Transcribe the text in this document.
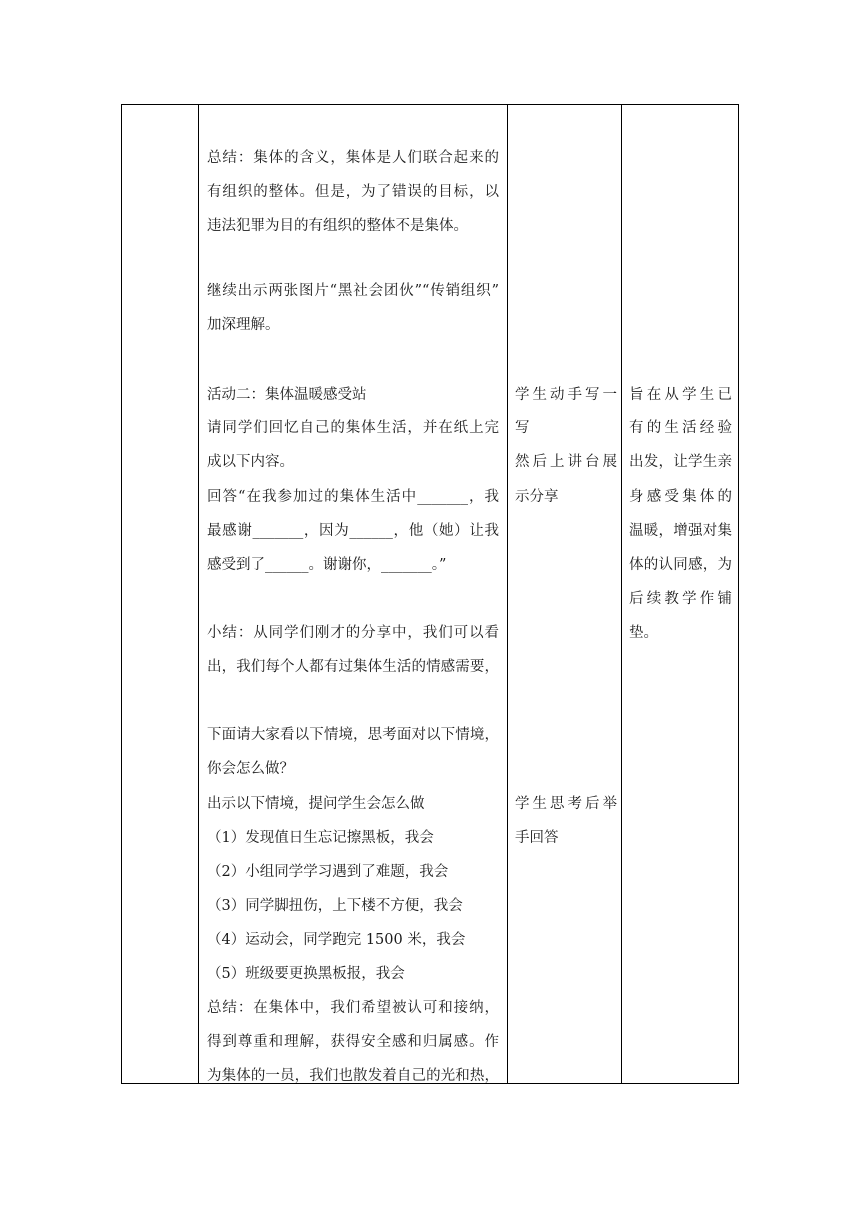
总结：集体的含义，集体是人们联合起来的
有组织的整体。但是，为了错误的目标，以
违法犯罪为目的有组织的整体不是集体。
继续出示两张图片“黑社会团伙”“传销组织”
加深理解。
活动二：集体温暖感受站
请同学们回忆自己的集体生活，并在纸上完
成以下内容。
回答“在我参加过的集体生活中_______，我
最感谢_______，因为______，他（她）让我
感受到了______。谢谢你，_______。”
小结：从同学们刚才的分享中，我们可以看
出，我们每个人都有过集体生活的情感需要，
下面请大家看以下情境，思考面对以下情境，
你会怎么做？
出示以下情境，提问学生会怎么做
（1）发现值日生忘记擦黑板，我会
（2）小组同学学习遇到了难题，我会
（3）同学脚扭伤，上下楼不方便，我会
（4）运动会，同学跑完 1500 米，我会
（5）班级要更换黑板报，我会
总结：在集体中，我们希望被认可和接纳，
得到尊重和理解，获得安全感和归属感。作
为集体的一员，我们也散发着自己的光和热，
学生动手写一
写
然后上讲台展
示分享
学生思考后举
手回答
旨在从学生已
有的生活经验
出发，让学生亲
身感受集体的
温暖，增强对集
体的认同感，为
后续教学作铺
垫。
